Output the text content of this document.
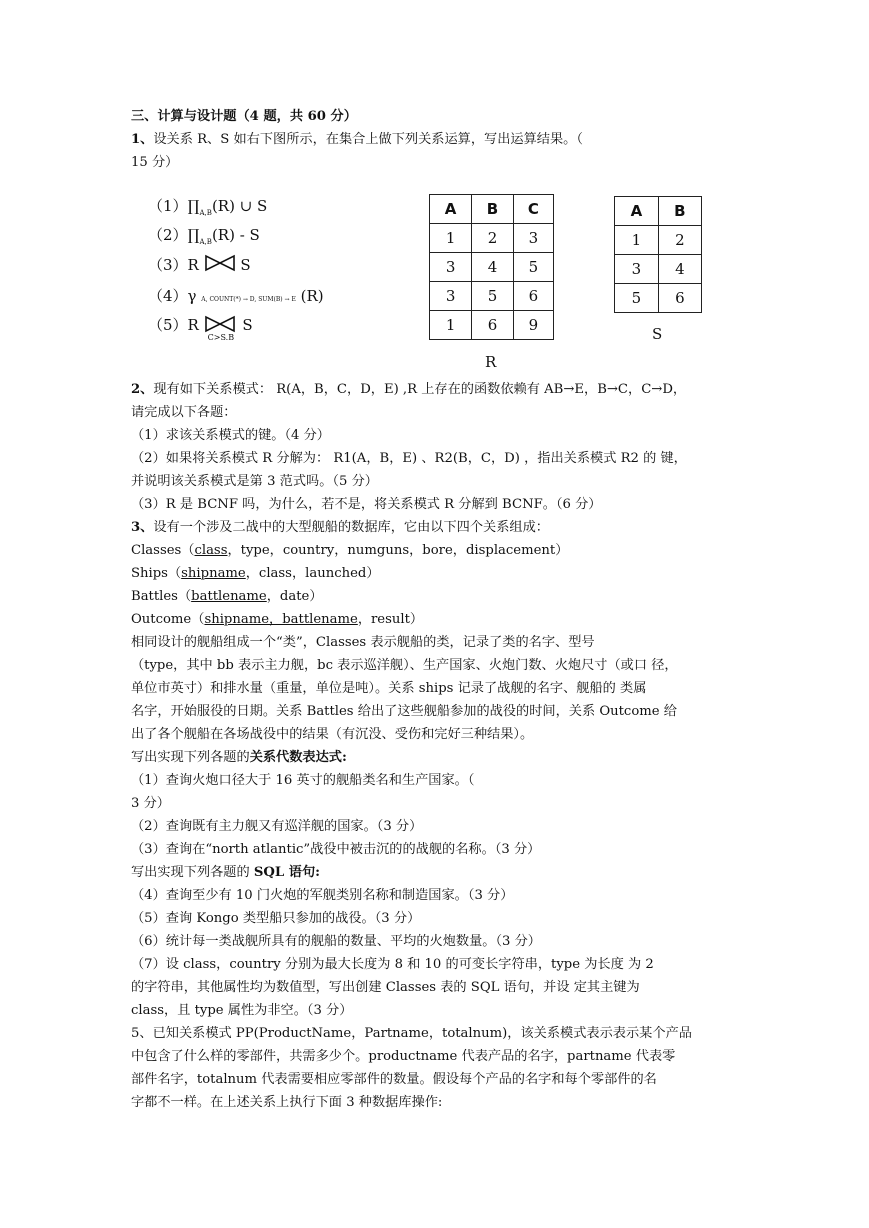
三、计算与设计题（4 题，共 60 分）
1、设关系 R、S 如右下图所示，在集合上做下列关系运算，写出运算结果。（
15 分）
$(1)\prod_{A,B}(R)$ ∪ S
$(2)\prod_{A,B}(R)$ - S
（3）R	S
（4）γ A, COUNT(*) → D, SUM(B) → E (R)
（5）R
C>S.B
S
A	B	C
1	2	3
3	4	5
3	5	6
1	6	9
R
A	B
1	2
3	4
5	6
S
2、现有如下关系模式： R(A，B，C，D，E) ,R 上存在的函数依赖有 AB→E，B→C，C→D，
请完成以下各题：
（1）求该关系模式的键。（4 分）
（2）如果将关系模式 R 分解为： R1(A，B，E) 、R2(B，C，D) ，指出关系模式 R2 的 键，
并说明该关系模式是第 3 范式吗。（5 分）
（3）R 是 BCNF 吗，为什么，若不是，将关系模式 R 分解到 BCNF。（6 分）
3、设有一个涉及二战中的大型舰船的数据库，它由以下四个关系组成：
Classes（class，type，country，numguns，bore，displacement）
Ships（shipname，class，launched）
Battles（battlename，date）
Outcome（shipname，battlename，result）
相同设计的舰船组成一个“类”，Classes 表示舰船的类，记录了类的名字、型号
（type，其中 bb 表示主力舰，bc 表示巡洋舰）、生产国家、火炮门数、火炮尺寸（或口 径，
单位市英寸）和排水量（重量，单位是吨）。关系 ships 记录了战舰的名字、舰船的 类属
名字，开始服役的日期。关系 Battles 给出了这些舰船参加的战役的时间，关系 Outcome 给
出了各个舰船在各场战役中的结果（有沉没、受伤和完好三种结果）。
写出实现下列各题的关系代数表达式:
（1）查询火炮口径大于 16 英寸的舰船类名和生产国家。（
3 分）
（2）查询既有主力舰又有巡洋舰的国家。（3 分）
（3）查询在“north atlantic”战役中被击沉的的战舰的名称。（3 分）
写出实现下列各题的 SQL 语句:
（4）查询至少有 10 门火炮的军舰类别名称和制造国家。（3 分）
（5）查询 Kongo 类型船只参加的战役。（3 分）
（6）统计每一类战舰所具有的舰船的数量、平均的火炮数量。（3 分）
（7）设 class，country 分别为最大长度为 8 和 10 的可变长字符串，type 为长度 为 2
的字符串，其他属性均为数值型，写出创建 Classes 表的 SQL 语句，并设 定其主键为
class，且 type 属性为非空。（3 分）
5、已知关系模式 PP(ProductName，Partname，totalnum)，该关系模式表示表示某个产品
中包含了什么样的零部件，共需多少个。productname 代表产品的名字，partname 代表零
部件名字，totalnum 代表需要相应零部件的数量。假设每个产品的名字和每个零部件的名
字都不一样。在上述关系上执行下面 3 种数据库操作:
